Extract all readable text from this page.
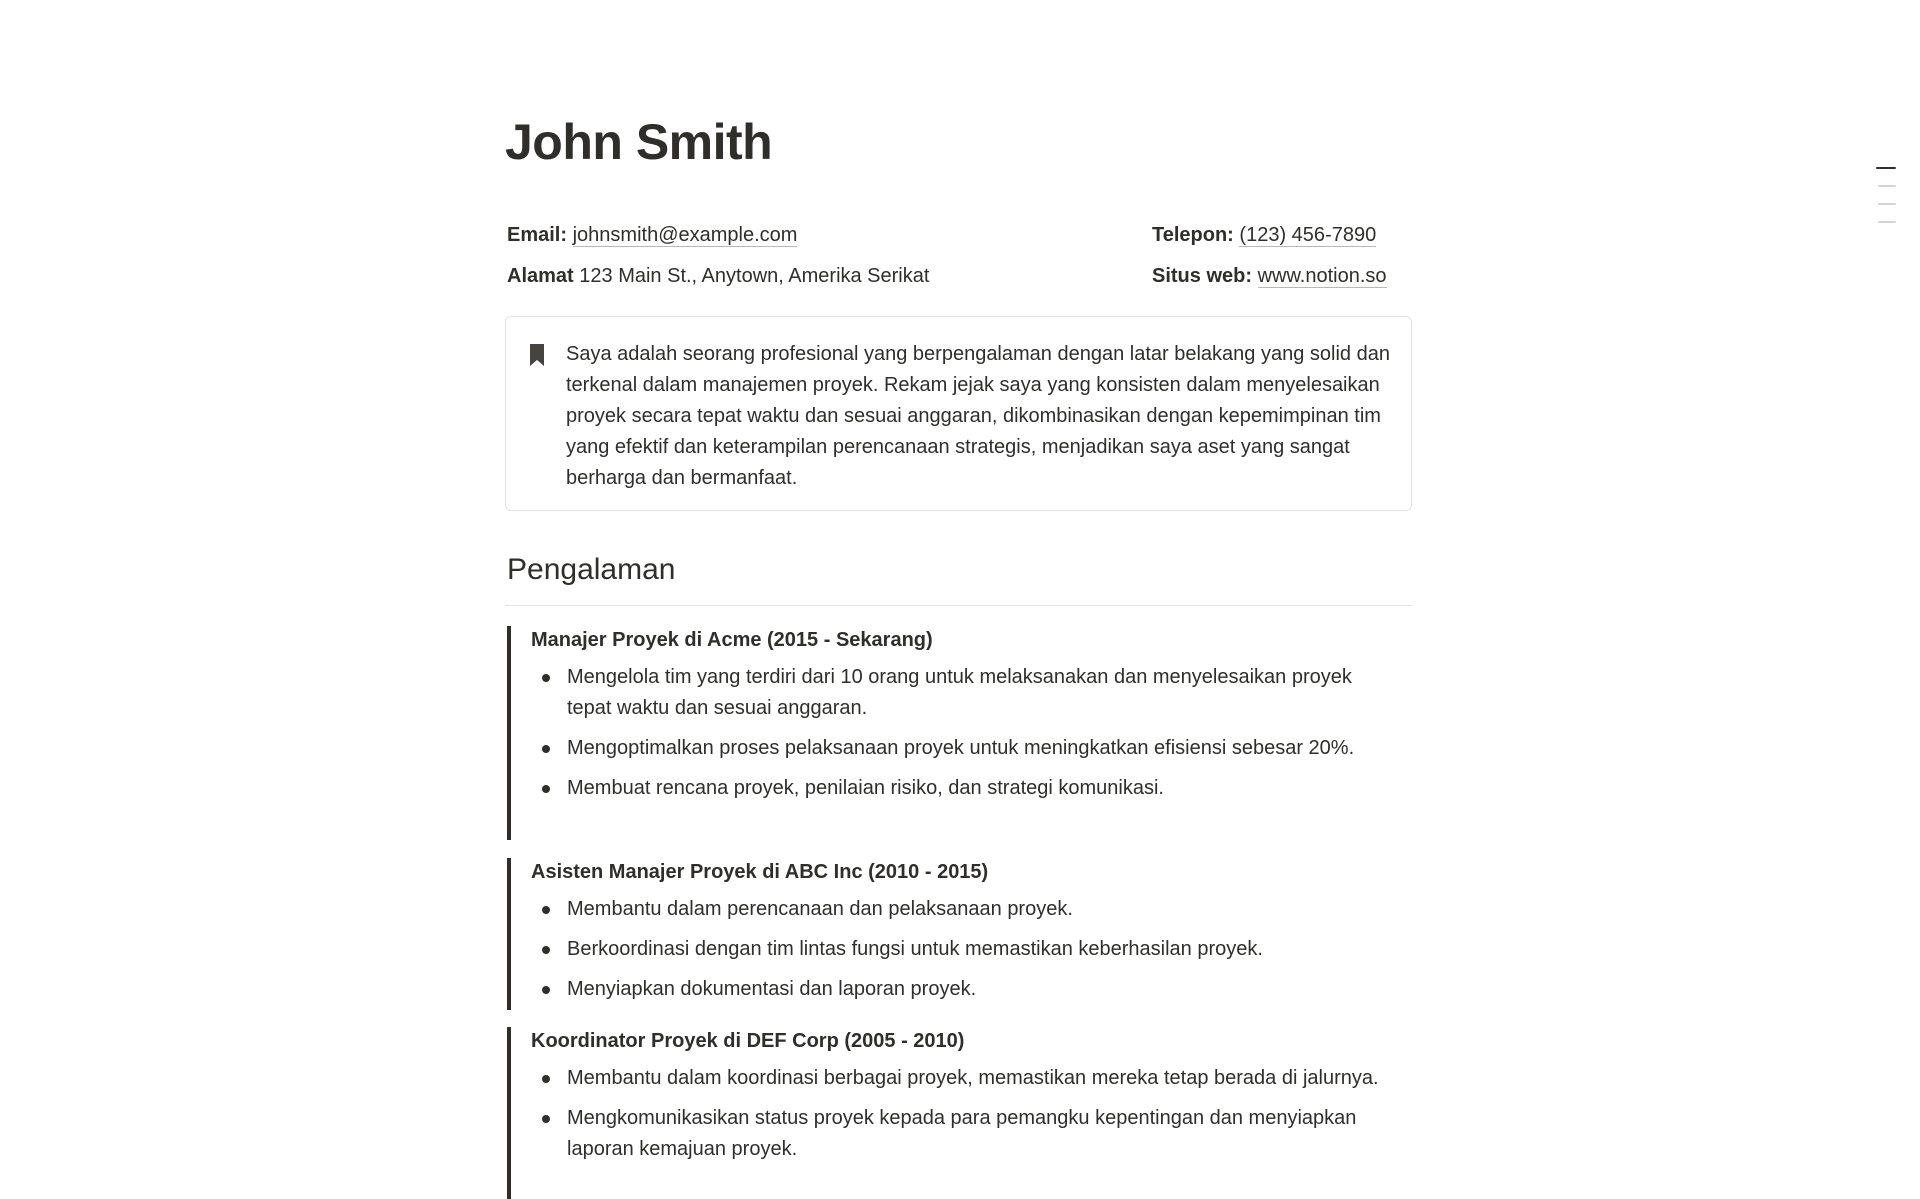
John Smith
Email: johnsmith@example.com	Telepon: (123) 456-7890
Alamat 123 Main St., Anytown, Amerika Serikat	Situs web: www.notion.so

Saya adalah seorang profesional yang berpengalaman dengan latar belakang yang solid dan terkenal dalam manajemen proyek. Rekam jejak saya yang konsisten dalam menyelesaikan proyek secara tepat waktu dan sesuai anggaran, dikombinasikan dengan kepemimpinan tim yang efektif dan keterampilan perencanaan strategis, menjadikan saya aset yang sangat berharga dan bermanfaat.

Pengalaman
Manajer Proyek di Acme (2015 - Sekarang)
Mengelola tim yang terdiri dari 10 orang untuk melaksanakan dan menyelesaikan proyek tepat waktu dan sesuai anggaran.
Mengoptimalkan proses pelaksanaan proyek untuk meningkatkan efisiensi sebesar 20%.
Membuat rencana proyek, penilaian risiko, dan strategi komunikasi.
Asisten Manajer Proyek di ABC Inc (2010 - 2015)
Membantu dalam perencanaan dan pelaksanaan proyek.
Berkoordinasi dengan tim lintas fungsi untuk memastikan keberhasilan proyek.
Menyiapkan dokumentasi dan laporan proyek.
Koordinator Proyek di DEF Corp (2005 - 2010)
Membantu dalam koordinasi berbagai proyek, memastikan mereka tetap berada di jalurnya.
Mengkomunikasikan status proyek kepada para pemangku kepentingan dan menyiapkan laporan kemajuan proyek.
